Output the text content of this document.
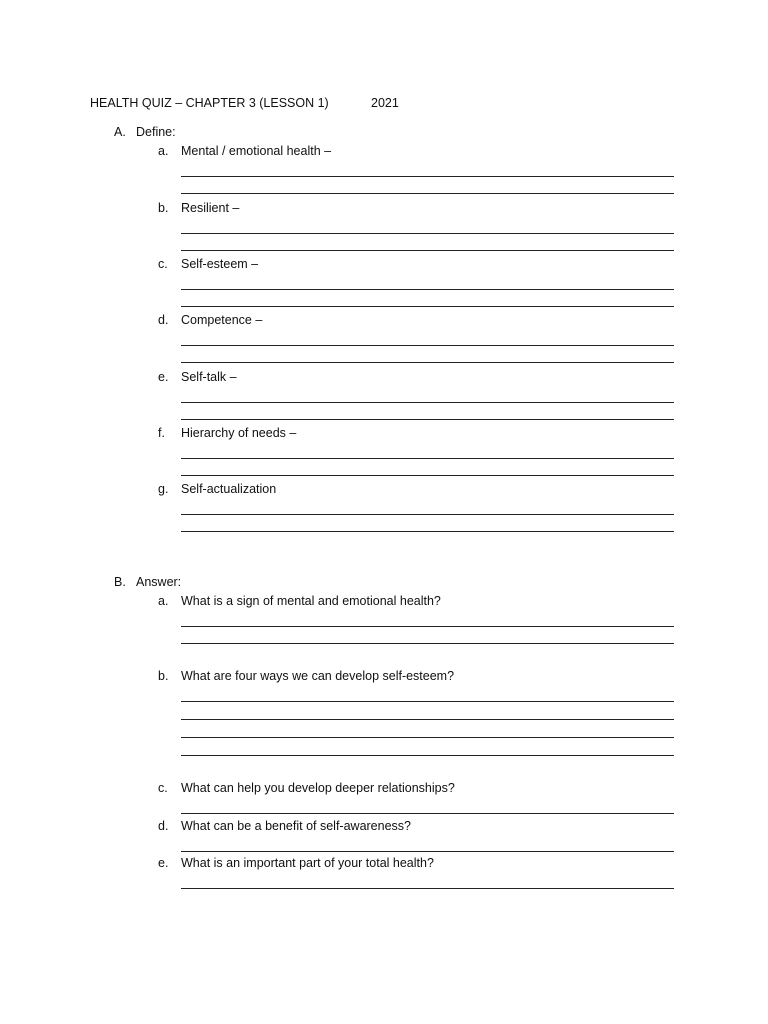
HEALTH QUIZ – CHAPTER 3 (LESSON 1)	2021
A. Define:
a. Mental / emotional health –
b. Resilient –
c. Self-esteem –
d. Competence –
e. Self-talk –
f. Hierarchy of needs –
g. Self-actualization
B. Answer:
a. What is a sign of mental and emotional health?
b. What are four ways we can develop self-esteem?
c. What can help you develop deeper relationships?
d. What can be a benefit of self-awareness?
e. What is an important part of your total health?
